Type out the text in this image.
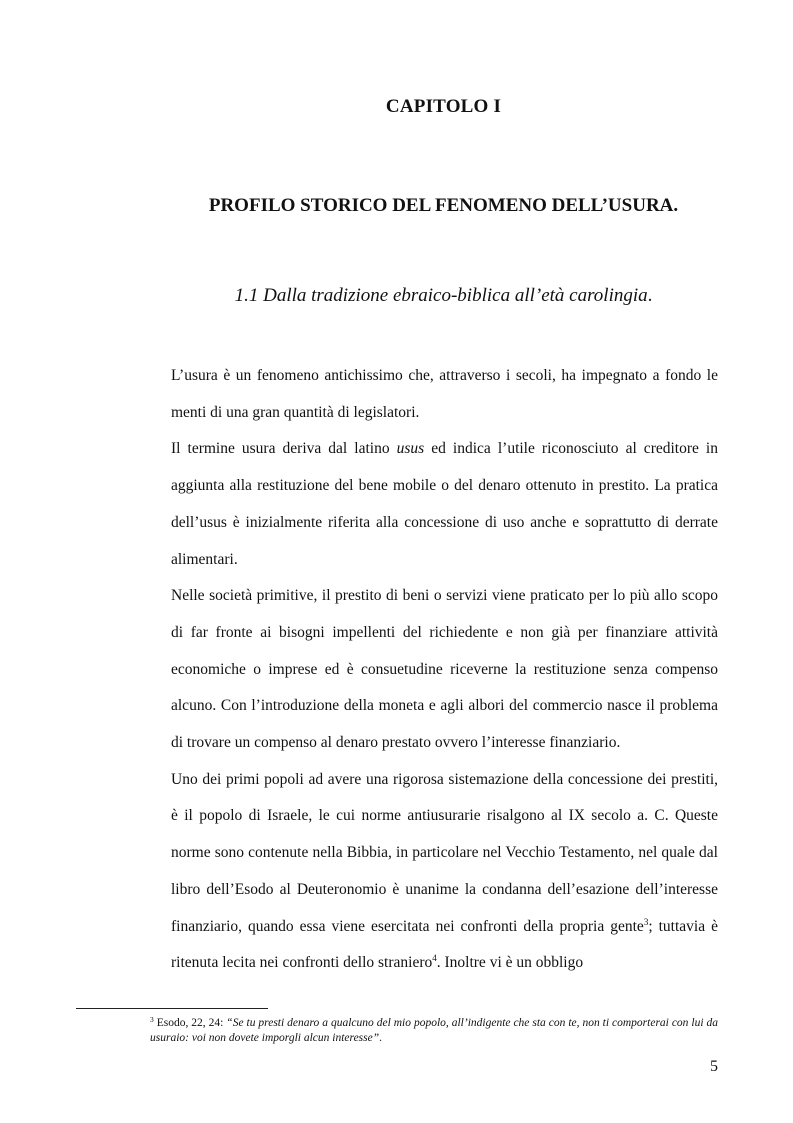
CAPITOLO I
PROFILO STORICO DEL FENOMENO DELL’USURA.
1.1 Dalla tradizione ebraico-biblica all’età carolingia.

L’usura è un fenomeno antichissimo che, attraverso i secoli, ha impegnato a fondo le menti di una gran quantità di legislatori.

Il termine usura deriva dal latino usus ed indica l’utile riconosciuto al creditore in aggiunta alla restituzione del bene mobile o del denaro ottenuto in prestito. La pratica dell’usus è inizialmente riferita alla concessione di uso anche e soprattutto di derrate alimentari.

Nelle società primitive, il prestito di beni o servizi viene praticato per lo più allo scopo di far fronte ai bisogni impellenti del richiedente e non già per finanziare attività economiche o imprese ed è consuetudine riceverne la restituzione senza compenso alcuno. Con l’introduzione della moneta e agli albori del commercio nasce il problema di trovare un compenso al denaro prestato ovvero l’interesse finanziario.

Uno dei primi popoli ad avere una rigorosa sistemazione della concessione dei prestiti, è il popolo di Israele, le cui norme antiusurarie risalgono al IX secolo a. C. Queste norme sono contenute nella Bibbia, in particolare nel Vecchio Testamento, nel quale dal libro dell’Esodo al Deuteronomio è unanime la condanna dell’esazione dell’interesse finanziario, quando essa viene esercitata nei confronti della propria gente$^3$; tuttavia è ritenuta lecita nei confronti dello straniero$^4$. Inoltre vi è un obbligo

$^3$ Esodo, 22, 24: “Se tu presti denaro a qualcuno del mio popolo, all’indigente che sta con te, non ti comporterai con lui da usuraio: voi non dovete imporgli alcun interesse”.
5
